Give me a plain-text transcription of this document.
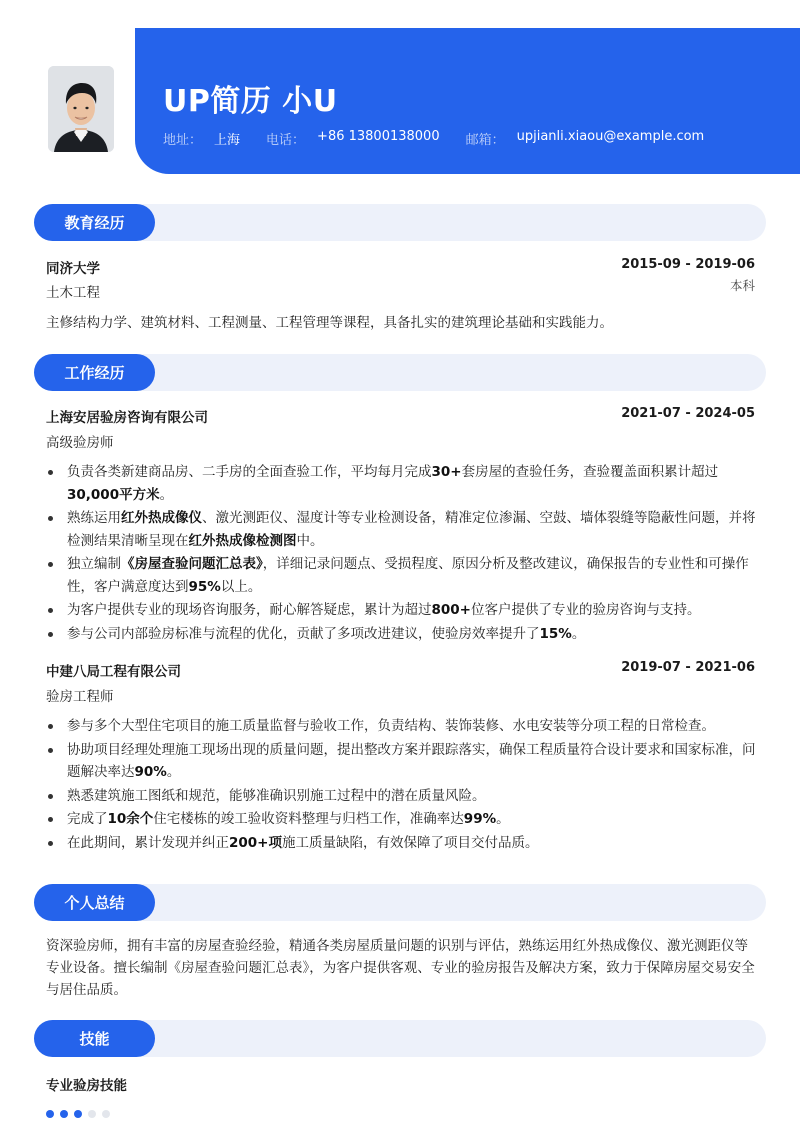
UP简历 小U
地址： 上海 电话： +86 13800138000 邮箱： upjianli.xiaou@example.com
教育经历
同济大学	2015-09 - 2019-06
土木工程	本科
主修结构力学、建筑材料、工程测量、工程管理等课程，具备扎实的建筑理论基础和实践能力。
工作经历
上海安居验房咨询有限公司	2021-07 - 2024-05
高级验房师
负责各类新建商品房、二手房的全面查验工作，平均每月完成30+套房屋的查验任务，查验覆盖面积累计超过30,000平方米。
熟练运用红外热成像仪、激光测距仪、湿度计等专业检测设备，精准定位渗漏、空鼓、墙体裂缝等隐蔽性问题，并将检测结果清晰呈现在红外热成像检测图中。
独立编制《房屋查验问题汇总表》，详细记录问题点、受损程度、原因分析及整改建议，确保报告的专业性和可操作性，客户满意度达到95%以上。
为客户提供专业的现场咨询服务，耐心解答疑虑，累计为超过800+位客户提供了专业的验房咨询与支持。
参与公司内部验房标准与流程的优化，贡献了多项改进建议，使验房效率提升了15%。
中建八局工程有限公司	2019-07 - 2021-06
验房工程师
参与多个大型住宅项目的施工质量监督与验收工作，负责结构、装饰装修、水电安装等分项工程的日常检查。
协助项目经理处理施工现场出现的质量问题，提出整改方案并跟踪落实，确保工程质量符合设计要求和国家标准，问题解决率达90%。
熟悉建筑施工图纸和规范，能够准确识别施工过程中的潜在质量风险。
完成了10余个住宅楼栋的竣工验收资料整理与归档工作，准确率达99%。
在此期间，累计发现并纠正200+项施工质量缺陷，有效保障了项目交付品质。
个人总结
资深验房师，拥有丰富的房屋查验经验，精通各类房屋质量问题的识别与评估，熟练运用红外热成像仪、激光测距仪等专业设备。擅长编制《房屋查验问题汇总表》，为客户提供客观、专业的验房报告及解决方案，致力于保障房屋交易安全与居住品质。
技能
专业验房技能
